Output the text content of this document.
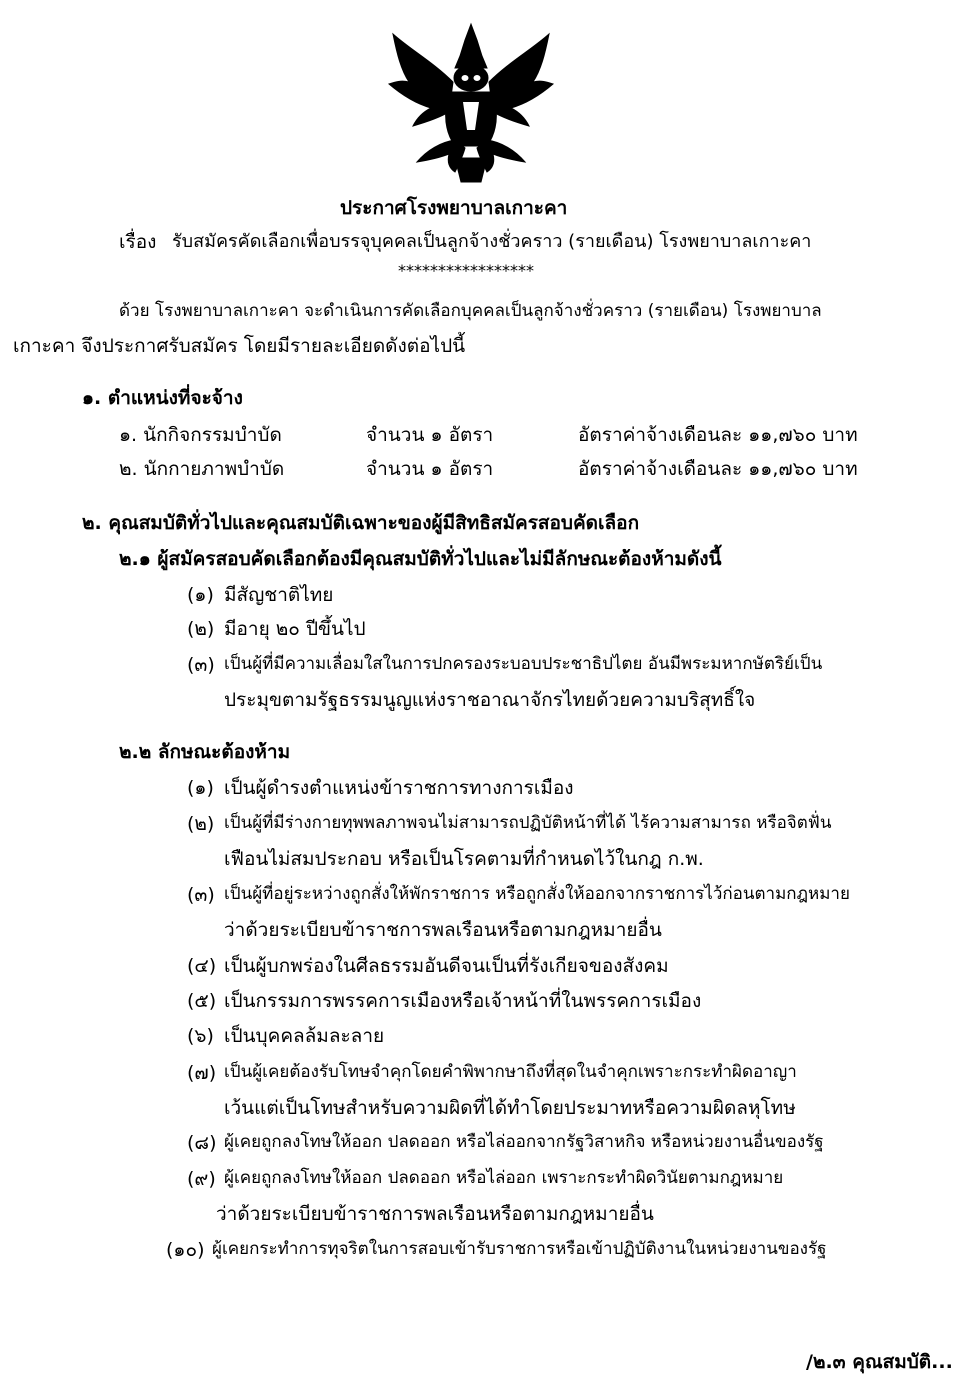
ประกาศโรงพยาบาลเกาะคา
เรื่อง รับสมัครคัดเลือกเพื่อบรรจุบุคคลเป็นลูกจ้างชั่วคราว (รายเดือน) โรงพยาบาลเกาะคา
*****************
ด้วย โรงพยาบาลเกาะคา จะดำเนินการคัดเลือกบุคคลเป็นลูกจ้างชั่วคราว (รายเดือน) โรงพยาบาล
เกาะคา จึงประกาศรับสมัคร โดยมีรายละเอียดดังต่อไปนี้
๑. ตำแหน่งที่จะจ้าง
๑. นักกิจกรรมบำบัด	จำนวน ๑ อัตรา	อัตราค่าจ้างเดือนละ ๑๑,๗๖๐ บาท
๒. นักกายภาพบำบัด	จำนวน ๑ อัตรา	อัตราค่าจ้างเดือนละ ๑๑,๗๖๐ บาท
๒. คุณสมบัติทั่วไปและคุณสมบัติเฉพาะของผู้มีสิทธิสมัครสอบคัดเลือก
๒.๑ ผู้สมัครสอบคัดเลือกต้องมีคุณสมบัติทั่วไปและไม่มีลักษณะต้องห้ามดังนี้
(๑) มีสัญชาติไทย
(๒) มีอายุ ๒๐ ปีขึ้นไป
(๓) เป็นผู้ที่มีความเลื่อมใสในการปกครองระบอบประชาธิปไตย อันมีพระมหากษัตริย์เป็น
ประมุขตามรัฐธรรมนูญแห่งราชอาณาจักรไทยด้วยความบริสุทธิ์ใจ
๒.๒ ลักษณะต้องห้าม
(๑) เป็นผู้ดำรงตำแหน่งข้าราชการทางการเมือง
(๒) เป็นผู้ที่มีร่างกายทุพพลภาพจนไม่สามารถปฏิบัติหน้าที่ได้ ไร้ความสามารถ หรือจิตฟั่น
เฟือนไม่สมประกอบ หรือเป็นโรคตามที่กำหนดไว้ในกฎ ก.พ.
(๓) เป็นผู้ที่อยู่ระหว่างถูกสั่งให้พักราชการ หรือถูกสั่งให้ออกจากราชการไว้ก่อนตามกฎหมาย
ว่าด้วยระเบียบข้าราชการพลเรือนหรือตามกฎหมายอื่น
(๔) เป็นผู้บกพร่องในศีลธรรมอันดีจนเป็นที่รังเกียจของสังคม
(๕) เป็นกรรมการพรรคการเมืองหรือเจ้าหน้าที่ในพรรคการเมือง
(๖) เป็นบุคคลล้มละลาย
(๗) เป็นผู้เคยต้องรับโทษจำคุกโดยคำพิพากษาถึงที่สุดในจำคุกเพราะกระทำผิดอาญา
เว้นแต่เป็นโทษสำหรับความผิดที่ได้ทำโดยประมาทหรือความผิดลหุโทษ
(๘) ผู้เคยถูกลงโทษให้ออก ปลดออก หรือไล่ออกจากรัฐวิสาหกิจ หรือหน่วยงานอื่นของรัฐ
(๙) ผู้เคยถูกลงโทษให้ออก ปลดออก หรือไล่ออก เพราะกระทำผิดวินัยตามกฎหมาย
ว่าด้วยระเบียบข้าราชการพลเรือนหรือตามกฎหมายอื่น
(๑๐) ผู้เคยกระทำการทุจริตในการสอบเข้ารับราชการหรือเข้าปฏิบัติงานในหน่วยงานของรัฐ
/๒.๓ คุณสมบัติ...
